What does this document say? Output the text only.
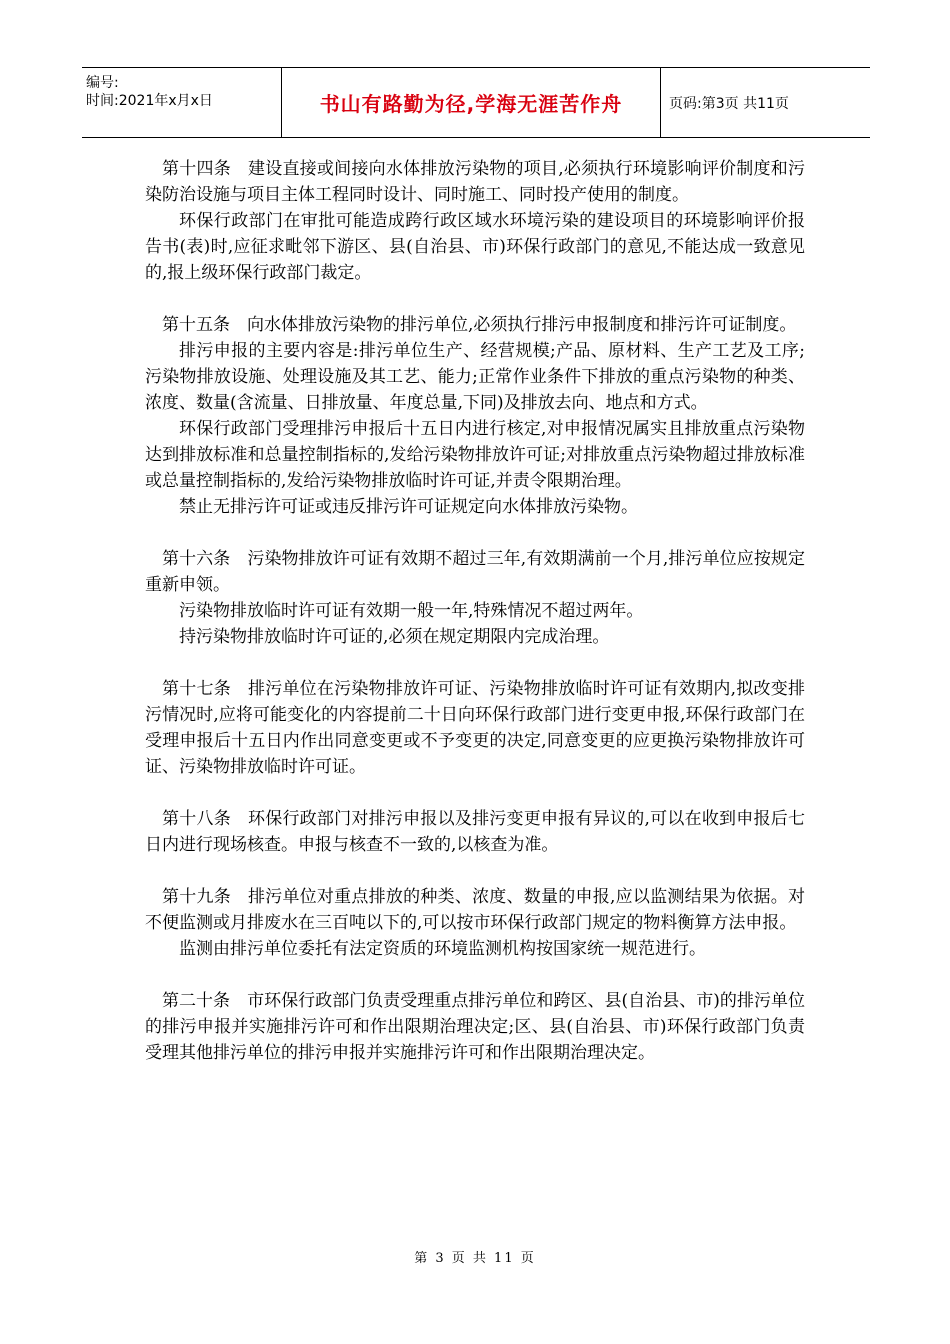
编号:
时间:2021年x月x日	书山有路勤为径,学海无涯苦作舟	页码:第3页 共11页

第十四条 建设直接或间接向水体排放污染物的项目,必须执行环境影响评价制度和污染防治设施与项目主体工程同时设计、同时施工、同时投产使用的制度。

环保行政部门在审批可能造成跨行政区域水环境污染的建设项目的环境影响评价报告书(表)时,应征求毗邻下游区、县(自治县、市)环保行政部门的意见,不能达成一致意见的,报上级环保行政部门裁定。

第十五条 向水体排放污染物的排污单位,必须执行排污申报制度和排污许可证制度。

排污申报的主要内容是:排污单位生产、经营规模;产品、原材料、生产工艺及工序;污染物排放设施、处理设施及其工艺、能力;正常作业条件下排放的重点污染物的种类、浓度、数量(含流量、日排放量、年度总量,下同)及排放去向、地点和方式。

环保行政部门受理排污申报后十五日内进行核定,对申报情况属实且排放重点污染物达到排放标准和总量控制指标的,发给污染物排放许可证;对排放重点污染物超过排放标准或总量控制指标的,发给污染物排放临时许可证,并责令限期治理。

禁止无排污许可证或违反排污许可证规定向水体排放污染物。

第十六条 污染物排放许可证有效期不超过三年,有效期满前一个月,排污单位应按规定重新申领。

污染物排放临时许可证有效期一般一年,特殊情况不超过两年。

持污染物排放临时许可证的,必须在规定期限内完成治理。

第十七条 排污单位在污染物排放许可证、污染物排放临时许可证有效期内,拟改变排污情况时,应将可能变化的内容提前二十日向环保行政部门进行变更申报,环保行政部门在受理申报后十五日内作出同意变更或不予变更的决定,同意变更的应更换污染物排放许可证、污染物排放临时许可证。

第十八条 环保行政部门对排污申报以及排污变更申报有异议的,可以在收到申报后七日内进行现场核查。申报与核查不一致的,以核查为准。

第十九条 排污单位对重点排放的种类、浓度、数量的申报,应以监测结果为依据。对不便监测或月排废水在三百吨以下的,可以按市环保行政部门规定的物料衡算方法申报。

监测由排污单位委托有法定资质的环境监测机构按国家统一规范进行。

第二十条 市环保行政部门负责受理重点排污单位和跨区、县(自治县、市)的排污单位的排污申报并实施排污许可和作出限期治理决定;区、县(自治县、市)环保行政部门负责受理其他排污单位的排污申报并实施排污许可和作出限期治理决定。

第 3 页 共 11 页
